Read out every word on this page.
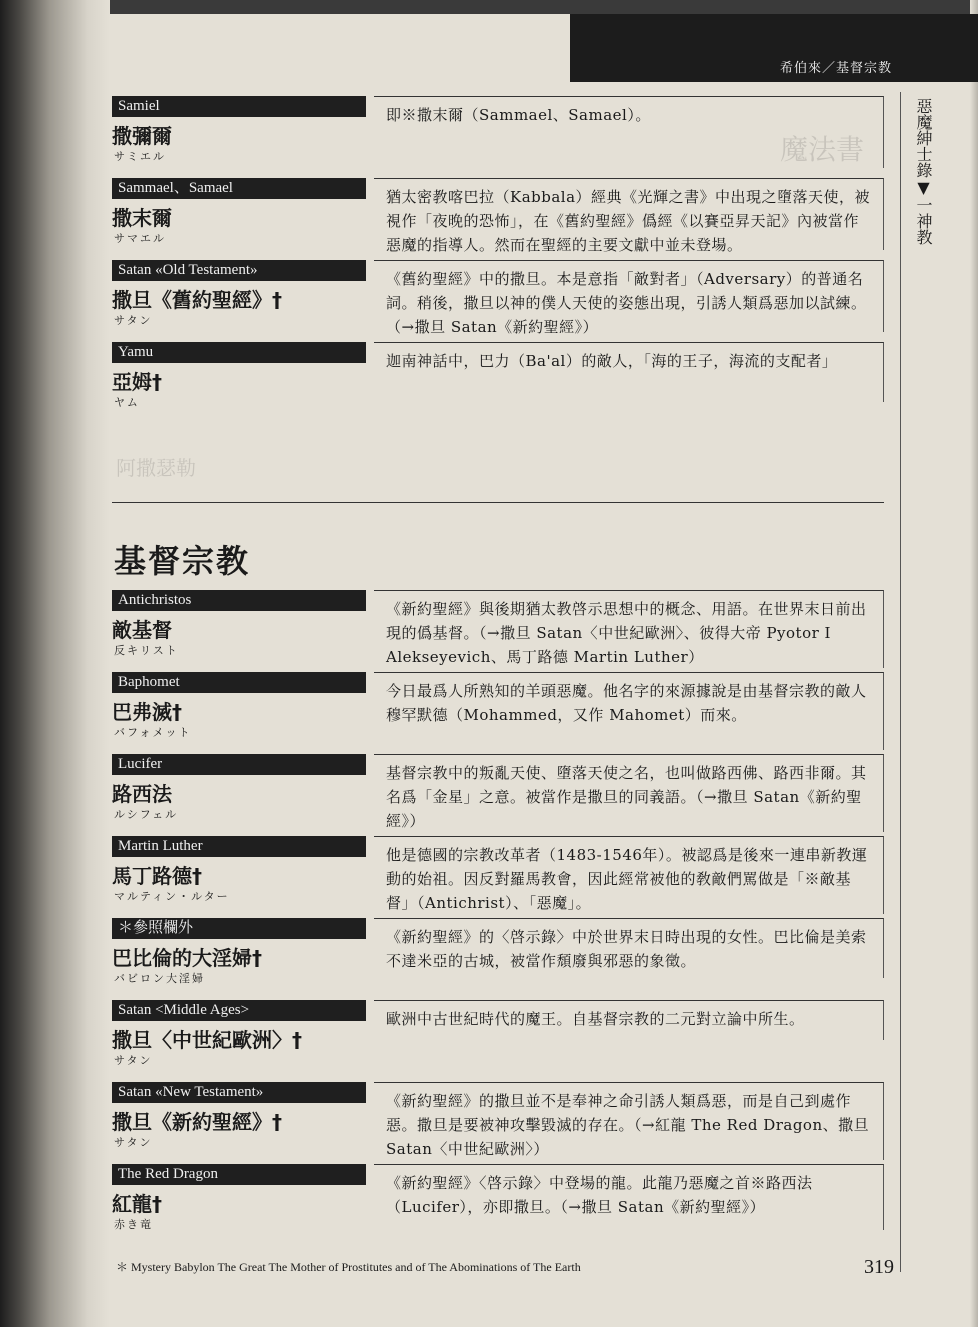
希伯來／基督宗教
惡魔紳士錄▼一神教
魔法書
阿撒瑟勒
Samiel
撒彌爾
サミエル
即※撒末爾（Sammael、Samael）。
Sammael、Samael
撒末爾
サマエル
猶太密教喀巴拉（Kabbala）經典《光輝之書》中出現之墮落天使，被視作「夜晚的恐怖」，在《舊約聖經》僞經《以賽亞昇天記》內被當作惡魔的指導人。然而在聖經的主要文獻中並未登場。
Satan «Old Testament»
撒旦《舊約聖經》†
サタン
《舊約聖經》中的撒旦。本是意指「敵對者」（Adversary）的普通名詞。稍後，撒旦以神的僕人天使的姿態出現，引誘人類爲惡加以試練。（→撒旦 Satan《新約聖經》）
Yamu
亞姆†
ヤム
迦南神話中，巴力（Ba'al）的敵人，「海的王子，海流的支配者」
基督宗教
Antichristos
敵基督
反キリスト
《新約聖經》與後期猶太教啓示思想中的概念、用語。在世界末日前出現的僞基督。（→撒旦 Satan〈中世紀歐洲〉、彼得大帝 Pyotor I Alekseyevich、馬丁路德 Martin Luther）
Baphomet
巴弗滅†
バフォメット
今日最爲人所熟知的羊頭惡魔。他名字的來源據說是由基督宗教的敵人穆罕默德（Mohammed，又作 Mahomet）而來。
Lucifer
路西法
ルシフェル
基督宗教中的叛亂天使、墮落天使之名，也叫做路西佛、路西非爾。其名爲「金星」之意。被當作是撒旦的同義語。（→撒旦 Satan《新約聖經》）
Martin Luther
馬丁路德†
マルティン・ルター
他是德國的宗教改革者（1483-1546年）。被認爲是後來一連串新教運動的始祖。因反對羅馬教會，因此經常被他的敎敵們罵做是「※敵基督」（Antichrist）、「惡魔」。
＊參照欄外
巴比倫的大淫婦†
バビロン大淫婦
《新約聖經》的〈啓示錄〉中於世界末日時出現的女性。巴比倫是美索不達米亞的古城，被當作頹廢與邪惡的象徵。
Satan <Middle Ages>
撒旦〈中世紀歐洲〉†
サタン
歐洲中古世紀時代的魔王。自基督宗教的二元對立論中所生。
Satan «New Testament»
撒旦《新約聖經》†
サタン
《新約聖經》的撒旦並不是奉神之命引誘人類爲惡，而是自己到處作惡。撒旦是要被神攻擊毀滅的存在。（→紅龍 The Red Dragon、撒旦 Satan〈中世紀歐洲〉）
The Red Dragon
紅龍†
赤き竜
《新約聖經》〈啓示錄〉中登場的龍。此龍乃惡魔之首※路西法（Lucifer），亦即撒旦。（→撒旦 Satan《新約聖經》）
＊ Mystery Babylon The Great The Mother of Prostitutes and of The Abominations of The Earth	319
